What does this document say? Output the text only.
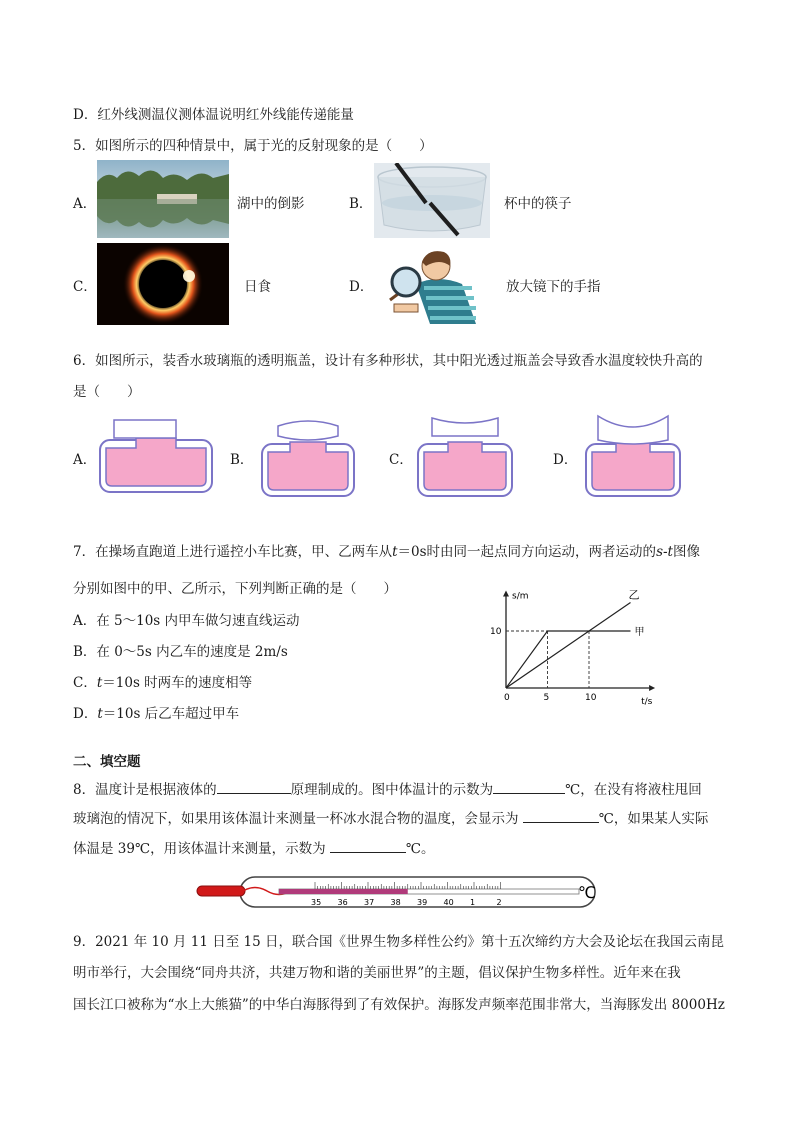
D．红外线测温仪测体温说明红外线能传递能量
5．如图所示的四种情景中，属于光的反射现象的是（　　）
A．	湖中的倒影	B．	杯中的筷子
C．	日食	D．	放大镜下的手指
6．如图所示，装香水玻璃瓶的透明瓶盖，设计有多种形状，其中阳光透过瓶盖会导致香水温度较快升高的
是（　　）
A．	B．	C．	D．
7．在操场直跑道上进行遥控小车比赛，甲、乙两车从t＝0s时由同一起点同方向运动，两者运动的s-t图像
分别如图中的甲、乙所示，下列判断正确的是（　　）
A．在 5～10s 内甲车做匀速直线运动
B．在 0～5s 内乙车的速度是 2m/s
C．t＝10s 时两车的速度相等
D．t＝10s 后乙车超过甲车
s/m
t/s
0	5	10
10	甲
乙
二、填空题
8．温度计是根据液体的	原理制成的。图中体温计的示数为	℃，在没有将液柱甩回
玻璃泡的情况下，如果用该体温计来测量一杯冰水混合物的温度，会显示为	℃，如果某人实际
体温是 39℃，用该体温计来测量，示数为	℃。
35 36 37 38 39 40 1	2
℃
9．2021 年 10 月 11 日至 15 日，联合国《世界生物多样性公约》第十五次缔约方大会及论坛在我国云南昆
明市举行，大会围绕“同舟共济，共建万物和谐的美丽世界”的主题，倡议保护生物多样性。近年来在我
国长江口被称为“水上大熊猫”的中华白海豚得到了有效保护。海豚发声频率范围非常大，当海豚发出 8000Hz
